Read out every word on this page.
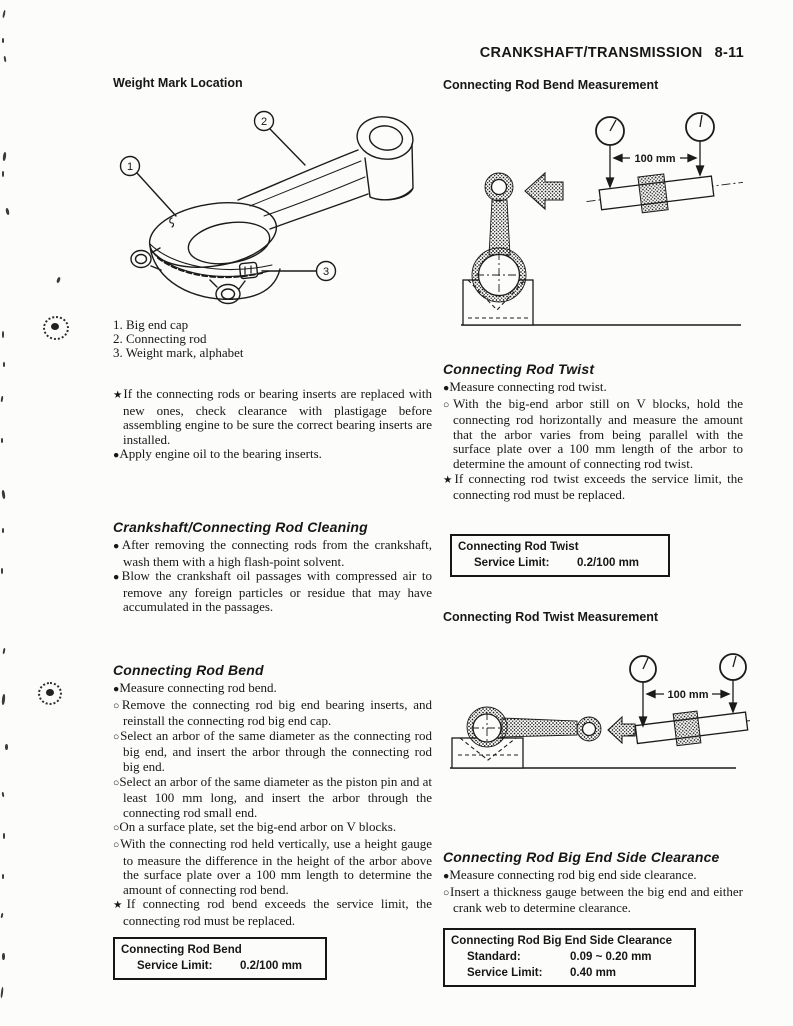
CRANKSHAFT/TRANSMISSION 8-11
Weight Mark Location
1
2
3
1. Big end cap
2. Connecting rod
3. Weight mark, alphabet

★If the connecting rods or bearing inserts are replaced with new ones, check clearance with plastigage before assembling engine to be sure the correct bearing inserts are installed.

●Apply engine oil to the bearing inserts.

Crankshaft/Connecting Rod Cleaning

●After removing the connecting rods from the crankshaft, wash them with a high flash-point solvent.

●Blow the crankshaft oil passages with compressed air to remove any foreign particles or residue that may have accumulated in the passages.

Connecting Rod Bend

●Measure connecting rod bend.

○Remove the connecting rod big end bearing inserts, and reinstall the connecting rod big end cap.

○Select an arbor of the same diameter as the connecting rod big end, and insert the arbor through the connecting rod big end.

○Select an arbor of the same diameter as the piston pin and at least 100 mm long, and insert the arbor through the connecting rod small end.

○On a surface plate, set the big-end arbor on V blocks.

○With the connecting rod held vertically, use a height gauge to measure the difference in the height of the arbor above the surface plate over a 100 mm length to determine the amount of connecting rod bend.

★If connecting rod bend exceeds the service limit, the connecting rod must be replaced.

Connecting Rod Bend
Service Limit:	0.2/100 mm
Connecting Rod Bend Measurement
100 mm
Connecting Rod Twist

●Measure connecting rod twist.

○With the big-end arbor still on V blocks, hold the connecting rod horizontally and measure the amount that the arbor varies from being parallel with the surface plate over a 100 mm length of the arbor to determine the amount of connecting rod twist.

★If connecting rod twist exceeds the service limit, the connecting rod must be replaced.

Connecting Rod Twist
Service Limit:	0.2/100 mm
Connecting Rod Twist Measurement
100 mm
Connecting Rod Big End Side Clearance

●Measure connecting rod big end side clearance.

○Insert a thickness gauge between the big end and either crank web to determine clearance.

Connecting Rod Big End Side Clearance
Standard:	0.09 ~ 0.20 mm
Service Limit:	0.40 mm
